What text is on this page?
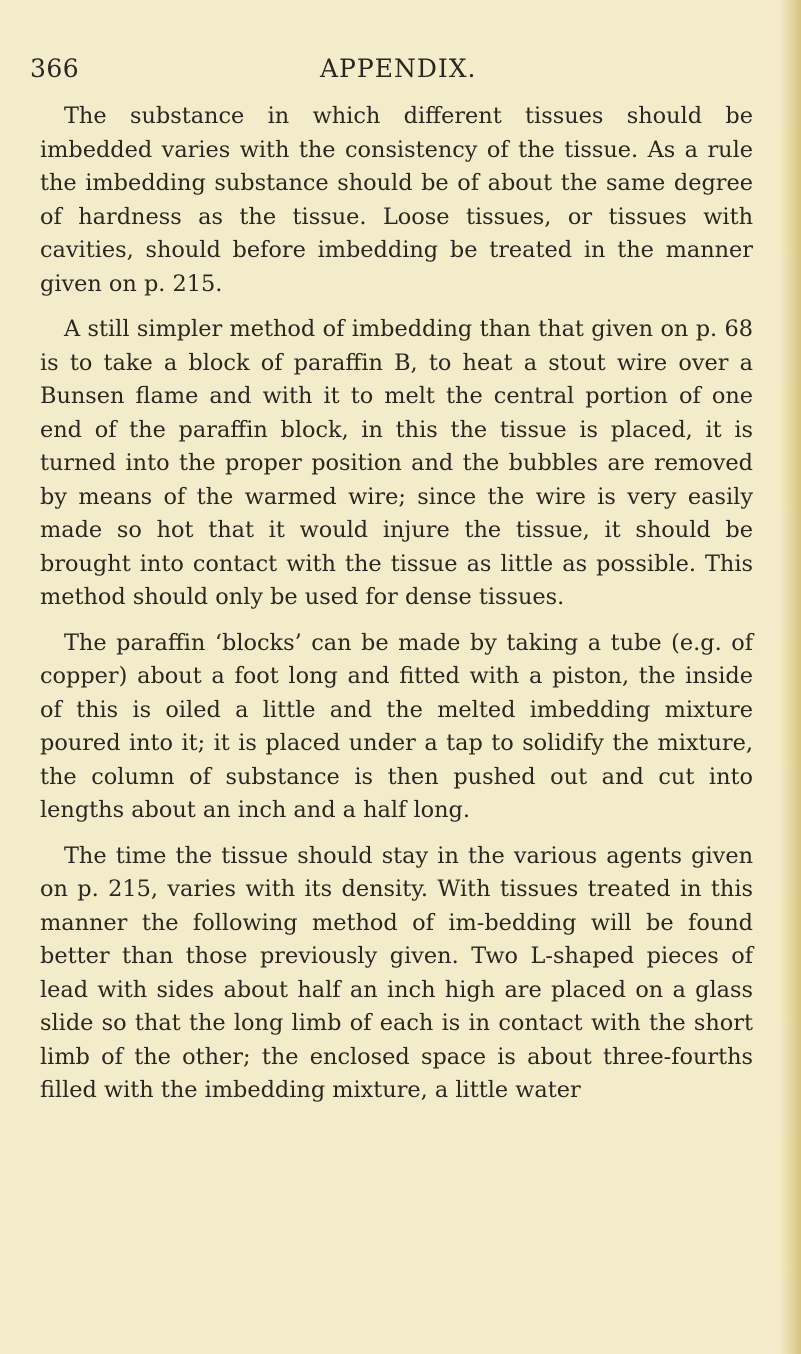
366	APPENDIX.

The substance in which different tissues should be imbedded varies with the consistency of the tissue. As a rule the imbedding substance should be of about the same degree of hardness as the tissue. Loose tissues, or tissues with cavities, should before imbedding be treated in the manner given on p. 215.

A still simpler method of imbedding than that given on p. 68 is to take a block of paraffin B, to heat a stout wire over a Bunsen flame and with it to melt the central portion of one end of the paraffin block, in this the tissue is placed, it is turned into the proper position and the bubbles are removed by means of the warmed wire; since the wire is very easily made so hot that it would injure the tissue, it should be brought into contact with the tissue as little as possible. This method should only be used for dense tissues.

The paraffin ‘blocks’ can be made by taking a tube (e.g. of copper) about a foot long and fitted with a piston, the inside of this is oiled a little and the melted imbedding mixture poured into it; it is placed under a tap to solidify the mixture, the column of substance is then pushed out and cut into lengths about an inch and a half long.

The time the tissue should stay in the various agents given on p. 215, varies with its density. With tissues treated in this manner the following method of im-bedding will be found better than those previously given. Two L-shaped pieces of lead with sides about half an inch high are placed on a glass slide so that the long limb of each is in contact with the short limb of the other; the enclosed space is about three-fourths filled with the imbedding mixture, a little water
